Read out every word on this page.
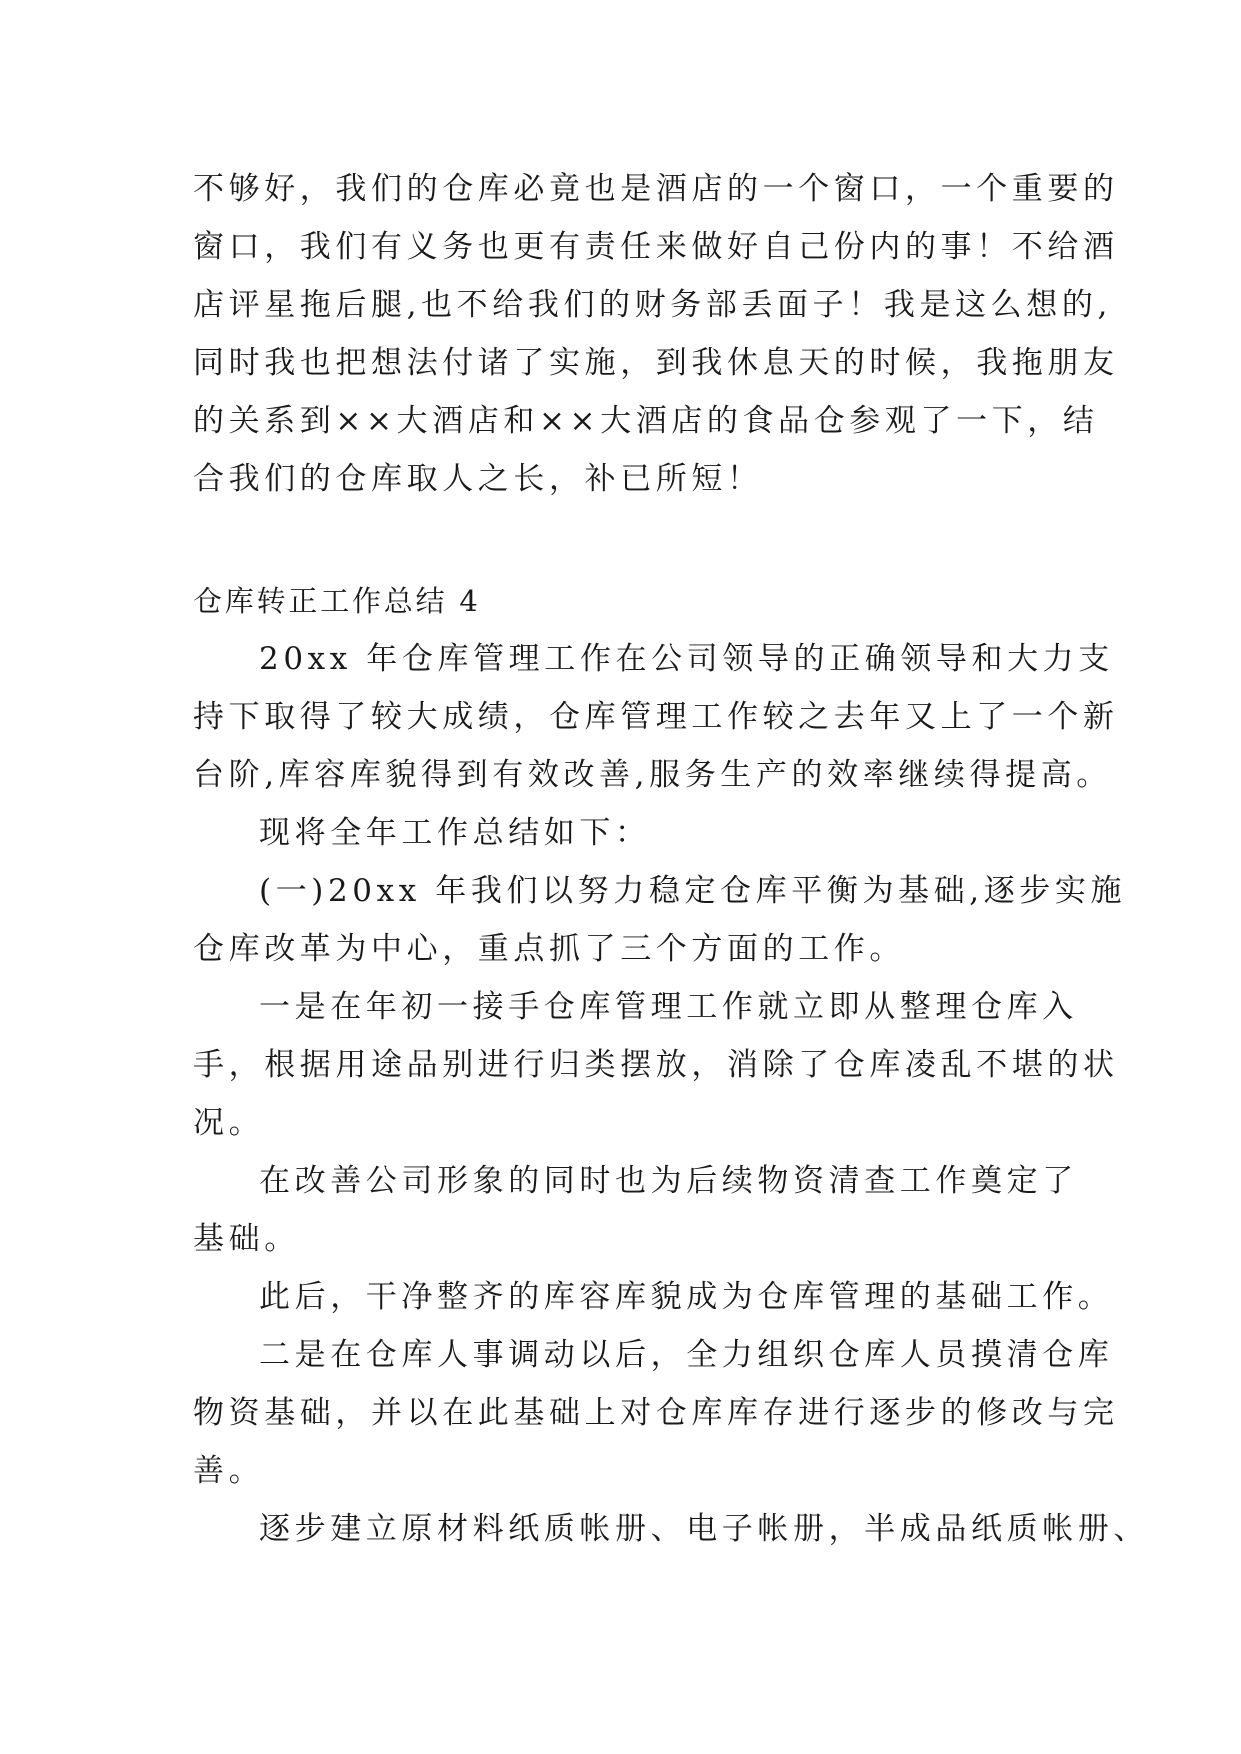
不够好，我们的仓库必竟也是酒店的一个窗口，一个重要的
窗口，我们有义务也更有责任来做好自己份内的事！不给酒
店评星拖后腿,也不给我们的财务部丢面子！我是这么想的,
同时我也把想法付诸了实施，到我休息天的时候，我拖朋友
的关系到××大酒店和××大酒店的食品仓参观了一下，结
合我们的仓库取人之长，补已所短！
仓库转正工作总结 4
20xx 年仓库管理工作在公司领导的正确领导和大力支
持下取得了较大成绩，仓库管理工作较之去年又上了一个新
台阶,库容库貌得到有效改善,服务生产的效率继续得提高。
现将全年工作总结如下：
(一)20xx 年我们以努力稳定仓库平衡为基础,逐步实施
仓库改革为中心，重点抓了三个方面的工作。
一是在年初一接手仓库管理工作就立即从整理仓库入
手，根据用途品别进行归类摆放，消除了仓库凌乱不堪的状
况。
在改善公司形象的同时也为后续物资清查工作奠定了
基础。
此后，干净整齐的库容库貌成为仓库管理的基础工作。
二是在仓库人事调动以后，全力组织仓库人员摸清仓库
物资基础，并以在此基础上对仓库库存进行逐步的修改与完
善。
逐步建立原材料纸质帐册、电子帐册，半成品纸质帐册、
